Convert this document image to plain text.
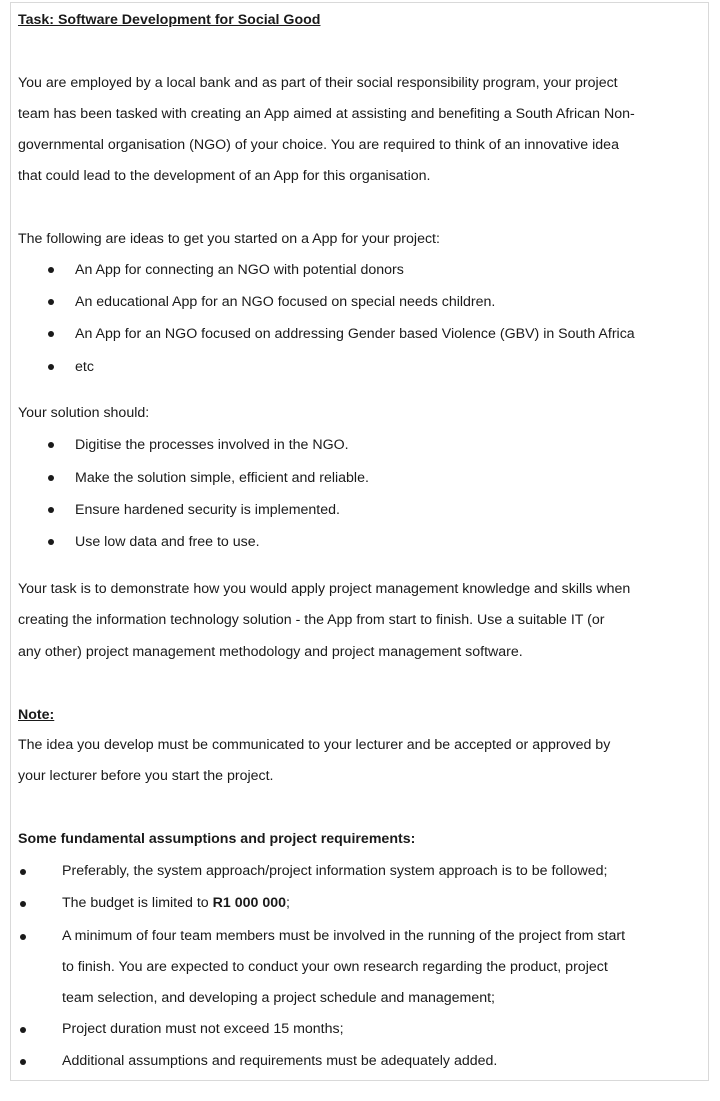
Task: Software Development for Social Good
You are employed by a local bank and as part of their social responsibility program, your project
team has been tasked with creating an App aimed at assisting and benefiting a South African Non-
governmental organisation (NGO) of your choice. You are required to think of an innovative idea
that could lead to the development of an App for this organisation.
The following are ideas to get you started on a App for your project:
An App for connecting an NGO with potential donors
An educational App for an NGO focused on special needs children.
An App for an NGO focused on addressing Gender based Violence (GBV) in South Africa
etc
Your solution should:
Digitise the processes involved in the NGO.
Make the solution simple, efficient and reliable.
Ensure hardened security is implemented.
Use low data and free to use.
Your task is to demonstrate how you would apply project management knowledge and skills when
creating the information technology solution - the App from start to finish. Use a suitable IT (or
any other) project management methodology and project management software.
Note:
The idea you develop must be communicated to your lecturer and be accepted or approved by
your lecturer before you start the project.
Some fundamental assumptions and project requirements:
Preferably, the system approach/project information system approach is to be followed;
The budget is limited to R1 000 000;
A minimum of four team members must be involved in the running of the project from start
to finish. You are expected to conduct your own research regarding the product, project
team selection, and developing a project schedule and management;
Project duration must not exceed 15 months;
Additional assumptions and requirements must be adequately added.
